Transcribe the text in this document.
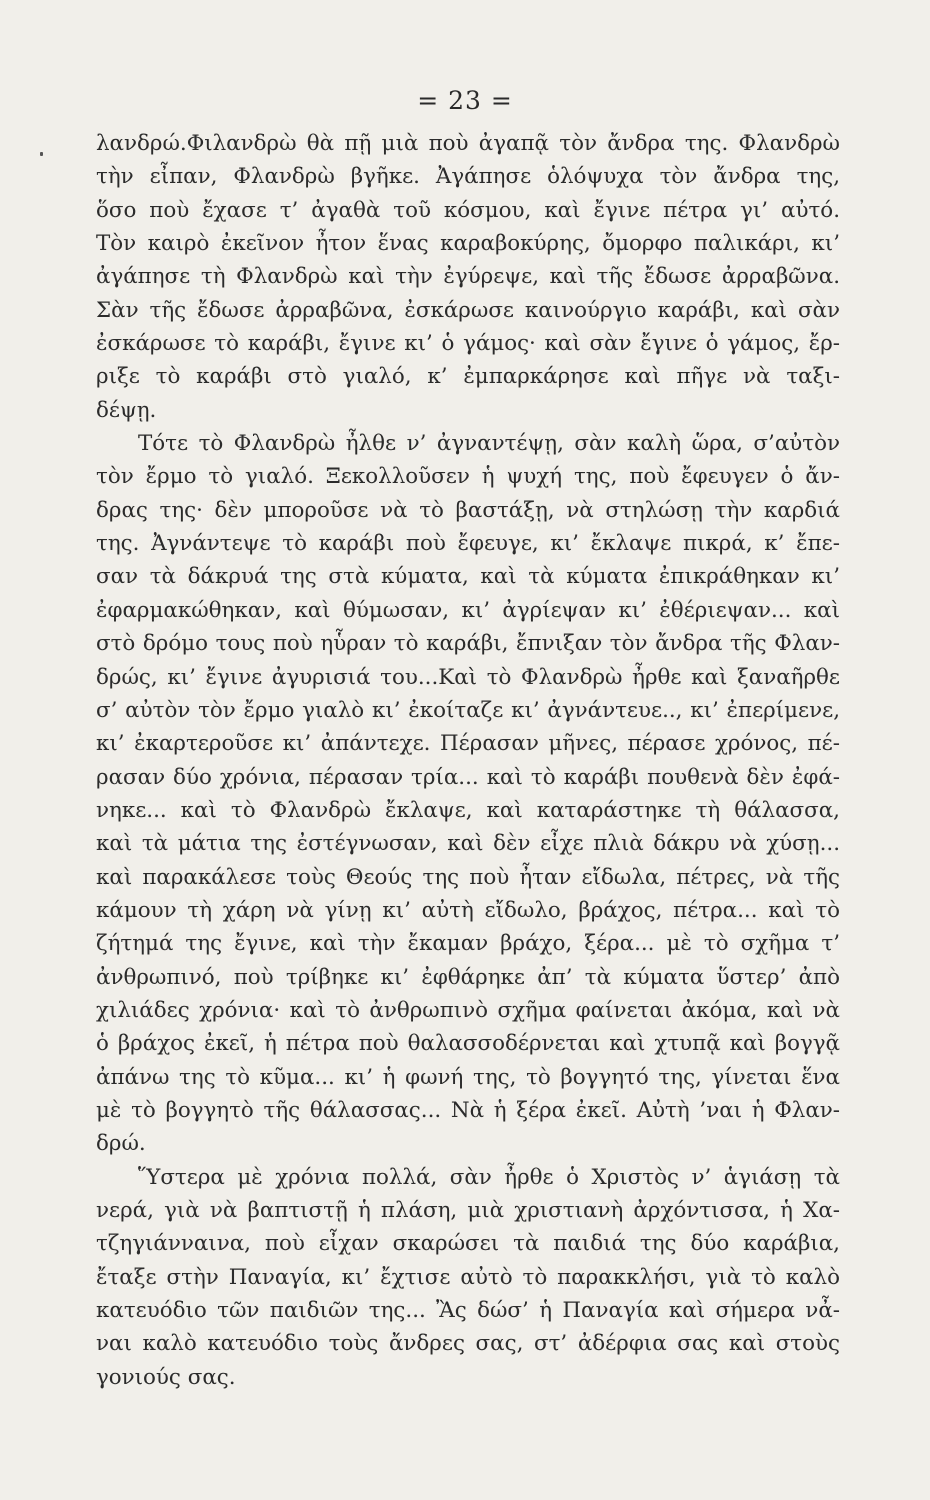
= 23 =
λανδρώ.Φιλανδρὼ θὰ πῇ μιὰ ποὺ ἀγαπᾷ τὸν ἄνδρα της. Φλανδρὼ
τὴν εἶπαν, Φλανδρὼ βγῆκε. Ἀγάπησε ὁλόψυχα τὸν ἄνδρα της,
ὅσο ποὺ ἔχασε τ’ ἀγαθὰ τοῦ κόσμου, καὶ ἔγινε πέτρα γι’ αὐτό.
Τὸν καιρὸ ἐκεῖνον ἦτον ἕνας καραβοκύρης, ὄμορφο παλικάρι, κι’
ἀγάπησε τὴ Φλανδρὼ καὶ τὴν ἐγύρεψε, καὶ τῆς ἔδωσε ἀρραβῶνα.
Σὰν τῆς ἔδωσε ἀρραβῶνα, ἐσκάρωσε καινούργιο καράβι, καὶ σὰν
ἐσκάρωσε τὸ καράβι, ἔγινε κι’ ὁ γάμος· καὶ σὰν ἔγινε ὁ γάμος, ἔρ-
ριξε τὸ καράβι στὸ γιαλό, κ’ ἐμπαρκάρησε καὶ πῆγε νὰ ταξι-
δέψῃ.
Τότε τὸ Φλανδρὼ ἦλθε ν’ ἀγναντέψῃ, σὰν καλὴ ὥρα, σ’αὐτὸν
τὸν ἔρμο τὸ γιαλό. Ξεκολλοῦσεν ἡ ψυχή της, ποὺ ἔφευγεν ὁ ἄν-
δρας της· δὲν μποροῦσε νὰ τὸ βαστάξῃ, νὰ στηλώσῃ τὴν καρδιά
της. Ἀγνάντεψε τὸ καράβι ποὺ ἔφευγε, κι’ ἔκλαψε πικρά, κ’ ἔπε-
σαν τὰ δάκρυά της στὰ κύματα, καὶ τὰ κύματα ἐπικράθηκαν κι’
ἐφαρμακώθηκαν, καὶ θύμωσαν, κι’ ἀγρίεψαν κι’ ἐθέριεψαν... καὶ
στὸ δρόμο τους ποὺ ηὗραν τὸ καράβι, ἔπνιξαν τὸν ἄνδρα τῆς Φλαν-
δρώς, κι’ ἔγινε ἀγυρισιά του...Καὶ τὸ Φλανδρὼ ἦρθε καὶ ξαναῆρθε
σ’ αὐτὸν τὸν ἔρμο γιαλὸ κι’ ἐκοίταζε κι’ ἀγνάντευε.., κι’ ἐπερίμενε,
κι’ ἐκαρτεροῦσε κι’ ἀπάντεχε. Πέρασαν μῆνες, πέρασε χρόνος, πέ-
ρασαν δύο χρόνια, πέρασαν τρία... καὶ τὸ καράβι πουθενὰ δὲν ἐφά-
νηκε... καὶ τὸ Φλανδρὼ ἔκλαψε, καὶ καταράστηκε τὴ θάλασσα,
καὶ τὰ μάτια της ἐστέγνωσαν, καὶ δὲν εἶχε πλιὰ δάκρυ νὰ χύσῃ...
καὶ παρακάλεσε τοὺς Θεούς της ποὺ ἦταν εἴδωλα, πέτρες, νὰ τῆς
κάμουν τὴ χάρη νὰ γίνῃ κι’ αὐτὴ εἴδωλο, βράχος, πέτρα... καὶ τὸ
ζήτημά της ἔγινε, καὶ τὴν ἔκαμαν βράχο, ξέρα... μὲ τὸ σχῆμα τ’
ἀνθρωπινό, ποὺ τρίβηκε κι’ ἐφθάρηκε ἀπ’ τὰ κύματα ὕστερ’ ἀπὸ
χιλιάδες χρόνια· καὶ τὸ ἀνθρωπινὸ σχῆμα φαίνεται ἀκόμα, καὶ νὰ
ὁ βράχος ἐκεῖ, ἡ πέτρα ποὺ θαλασσοδέρνεται καὶ χτυπᾷ καὶ βογγᾷ
ἀπάνω της τὸ κῦμα... κι’ ἡ φωνή της, τὸ βογγητό της, γίνεται ἕνα
μὲ τὸ βογγητὸ τῆς θάλασσας... Νὰ ἡ ξέρα ἐκεῖ. Αὐτὴ ’ναι ἡ Φλαν-
δρώ.
Ὕστερα μὲ χρόνια πολλά, σὰν ἦρθε ὁ Χριστὸς ν’ ἁγιάσῃ τὰ
νερά, γιὰ νὰ βαπτιστῇ ἡ πλάση, μιὰ χριστιανὴ ἀρχόντισσα, ἡ Χα-
τζηγιάνναινα, ποὺ εἶχαν σκαρώσει τὰ παιδιά της δύο καράβια,
ἔταξε στὴν Παναγία, κι’ ἔχτισε αὐτὸ τὸ παρακκλήσι, γιὰ τὸ καλὸ
κατευόδιο τῶν παιδιῶν της... Ἂς δώσ’ ἡ Παναγία καὶ σήμερα νἆ-
ναι καλὸ κατευόδιο τοὺς ἄνδρες σας, στ’ ἀδέρφια σας καὶ στοὺς
γονιούς σας.
